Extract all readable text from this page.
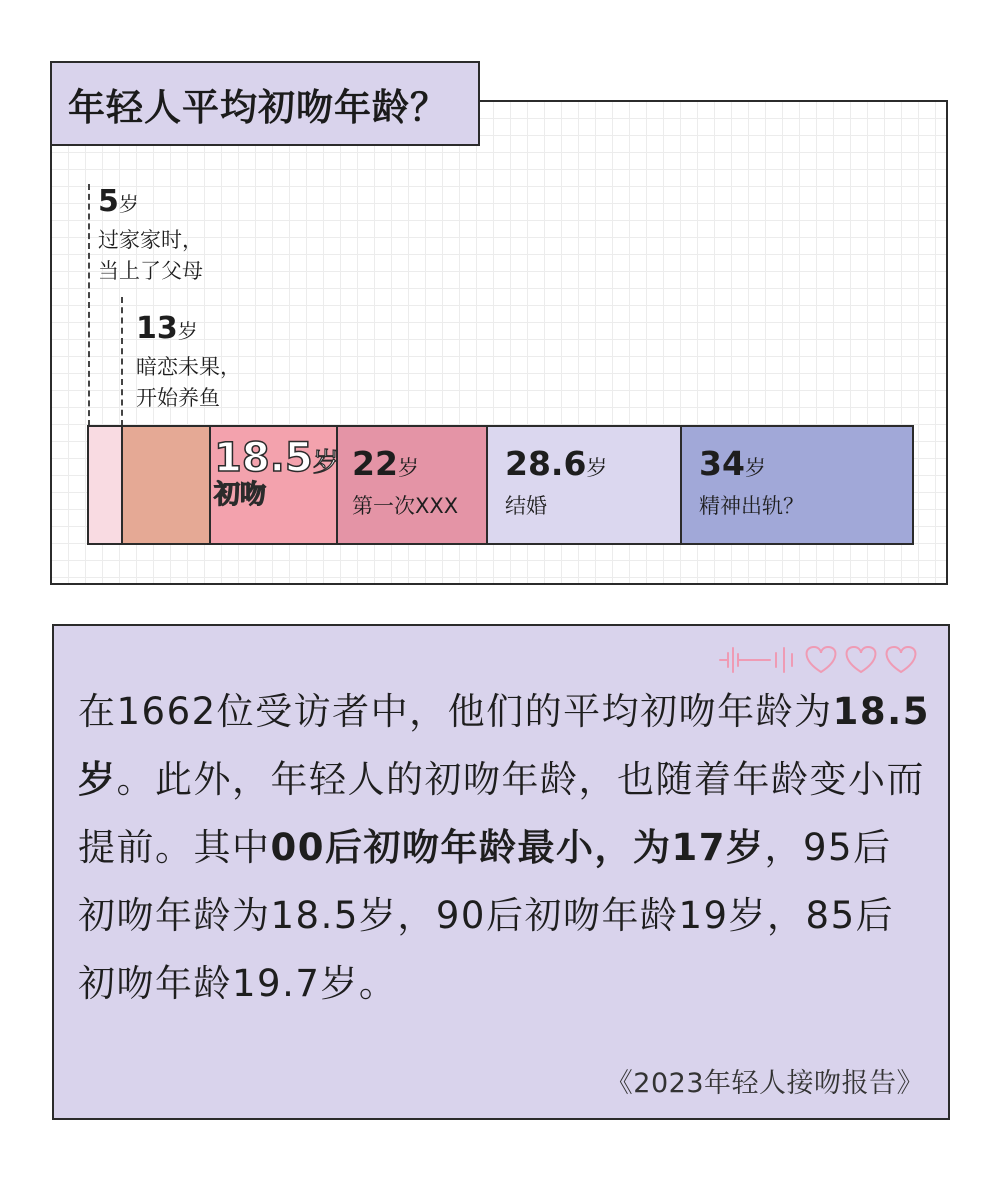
年轻人平均初吻年龄？
5岁
过家家时，
当上了父母
13岁
暗恋未果，
开始养鱼
18.5岁
初吻
22岁
第一次XXX
28.6岁
结婚
34岁
精神出轨？
在1662位受访者中，他们的平均初吻年龄为18.5岁。此外，年轻人的初吻年龄，也随着年龄变小而提前。其中00后初吻年龄最小，为17岁，95后初吻年龄为18.5岁，90后初吻年龄19岁，85后初吻年龄19.7岁。
《2023年轻人接吻报告》
